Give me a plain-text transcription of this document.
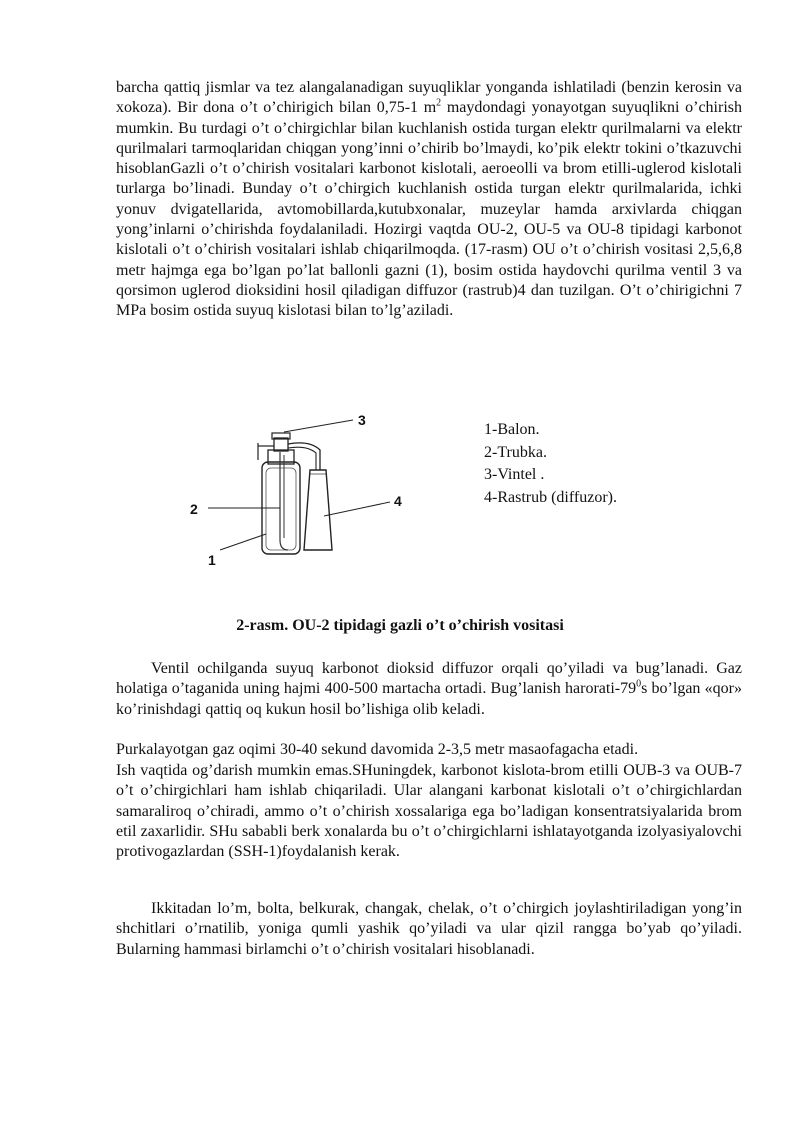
barcha qattiq jismlar va tez alangalanadigan suyuqliklar yonganda ishlatiladi (benzin kerosin va xokoza). Bir dona o’t o’chirigich bilan 0,75-1 $m^2$ maydondagi yonayotgan suyuqlikni o’chirish mumkin. Bu turdagi o’t o’chirgichlar bilan kuchlanish ostida turgan elektr qurilmalarni va elektr qurilmalari tarmoqlaridan chiqgan yong’inni o’chirib bo’lmaydi, ko’pik elektr tokini o’tkazuvchi hisoblanGazli o’t o’chirish vositalari karbonot kislotali, aeroeolli va brom etilli-uglerod kislotali turlarga bo’linadi. Bunday o’t o’chirgich kuchlanish ostida turgan elektr qurilmalarida, ichki yonuv dvigatellarida, avtomobillarda,kutubxonalar, muzeylar hamda arxivlarda chiqgan yong’inlarni o’chirishda foydalaniladi. Hozirgi vaqtda OU-2, OU-5 va OU-8 tipidagi karbonot kislotali o’t o’chirish vositalari ishlab chiqarilmoqda. (17-rasm) OU o’t o’chirish vositasi 2,5,6,8 metr hajmga ega bo’lgan po’lat ballonli gazni (1), bosim ostida haydovchi qurilma ventil 3 va qorsimon uglerod dioksidini hosil qiladigan diffuzor (rastrub)4 dan tuzilgan. O’t o’chirigichni 7 MPa bosim ostida suyuq kislotasi bilan to’lg’aziladi.

3
2
1
4
1-Balon.
2-Trubka.
3-Vintel .
4-Rastrub (diffuzor).
2-rasm. OU-2 tipidagi gazli o’t o’chirish vositasi

Ventil ochilganda suyuq karbonot dioksid diffuzor orqali qo’yiladi va bug’lanadi. Gaz holatiga o’taganida uning hajmi 400-500 martacha ortadi. Bug’lanish harorati-$79^0s$ bo’lgan «qor» ko’rinishdagi qattiq oq kukun hosil bo’lishiga olib keladi.

Purkalayotgan gaz oqimi 30-40 sekund davomida 2-3,5 metr masaofagacha etadi.

Ish vaqtida og’darish mumkin emas.SHuningdek, karbonot kislota-brom etilli OUB-3 va OUB-7 o’t o’chirgichlari ham ishlab chiqariladi. Ular alangani karbonat kislotali o’t o’chirgichlardan samaraliroq o’chiradi, ammo o’t o’chirish xossalariga ega bo’ladigan konsentratsiyalarida brom etil zaxarlidir. SHu sababli berk xonalarda bu o’t o’chirgichlarni ishlatayotganda izolyasiyalovchi protivogazlardan (SSH-1)foydalanish kerak.

Ikkitadan lo’m, bolta, belkurak, changak, chelak, o’t o’chirgich joylashtiriladigan yong’in shchitlari o’rnatilib, yoniga qumli yashik qo’yiladi va ular qizil rangga bo’yab qo’yiladi. Bularning hammasi birlamchi o’t o’chirish vositalari hisoblanadi.
